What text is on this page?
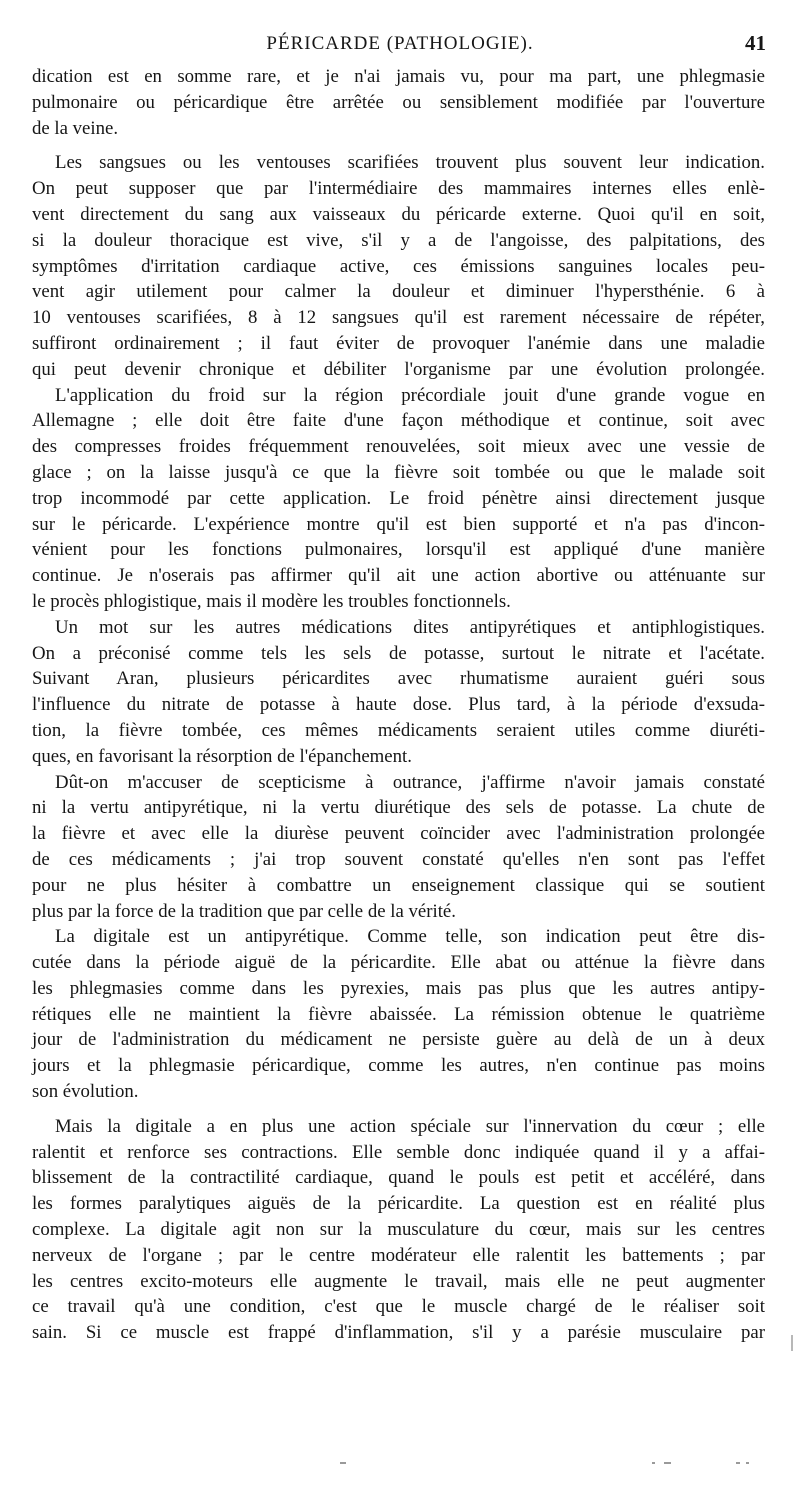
PÉRICARDE (PATHOLOGIE).	41

dication est en somme rare, et je n'ai jamais vu, pour ma part, une phlegmasie
pulmonaire ou péricardique être arrêtée ou sensiblement modifiée par l'ouverture
de la veine.

Les sangsues ou les ventouses scarifiées trouvent plus souvent leur indication.
On peut supposer que par l'intermédiaire des mammaires internes elles enlè-
vent directement du sang aux vaisseaux du péricarde externe. Quoi qu'il en soit,
si la douleur thoracique est vive, s'il y a de l'angoisse, des palpitations, des
symptômes d'irritation cardiaque active, ces émissions sanguines locales peu-
vent agir utilement pour calmer la douleur et diminuer l'hypersthénie. 6 à
10 ventouses scarifiées, 8 à 12 sangsues qu'il est rarement nécessaire de répéter,
suffiront ordinairement ; il faut éviter de provoquer l'anémie dans une maladie
qui peut devenir chronique et débiliter l'organisme par une évolution prolongée.

L'application du froid sur la région précordiale jouit d'une grande vogue en
Allemagne ; elle doit être faite d'une façon méthodique et continue, soit avec
des compresses froides fréquemment renouvelées, soit mieux avec une vessie de
glace ; on la laisse jusqu'à ce que la fièvre soit tombée ou que le malade soit
trop incommodé par cette application. Le froid pénètre ainsi directement jusque
sur le péricarde. L'expérience montre qu'il est bien supporté et n'a pas d'incon-
vénient pour les fonctions pulmonaires, lorsqu'il est appliqué d'une manière
continue. Je n'oserais pas affirmer qu'il ait une action abortive ou atténuante sur
le procès phlogistique, mais il modère les troubles fonctionnels.

Un mot sur les autres médications dites antipyrétiques et antiphlogistiques.
On a préconisé comme tels les sels de potasse, surtout le nitrate et l'acétate.
Suivant Aran, plusieurs péricardites avec rhumatisme auraient guéri sous
l'influence du nitrate de potasse à haute dose. Plus tard, à la période d'exsuda-
tion, la fièvre tombée, ces mêmes médicaments seraient utiles comme diuréti-
ques, en favorisant la résorption de l'épanchement.

Dût-on m'accuser de scepticisme à outrance, j'affirme n'avoir jamais constaté
ni la vertu antipyrétique, ni la vertu diurétique des sels de potasse. La chute de
la fièvre et avec elle la diurèse peuvent coïncider avec l'administration prolongée
de ces médicaments ; j'ai trop souvent constaté qu'elles n'en sont pas l'effet
pour ne plus hésiter à combattre un enseignement classique qui se soutient
plus par la force de la tradition que par celle de la vérité.

La digitale est un antipyrétique. Comme telle, son indication peut être dis-
cutée dans la période aiguë de la péricardite. Elle abat ou atténue la fièvre dans
les phlegmasies comme dans les pyrexies, mais pas plus que les autres antipy-
rétiques elle ne maintient la fièvre abaissée. La rémission obtenue le quatrième
jour de l'administration du médicament ne persiste guère au delà de un à deux
jours et la phlegmasie péricardique, comme les autres, n'en continue pas moins
son évolution.

Mais la digitale a en plus une action spéciale sur l'innervation du cœur ; elle
ralentit et renforce ses contractions. Elle semble donc indiquée quand il y a affai-
blissement de la contractilité cardiaque, quand le pouls est petit et accéléré, dans
les formes paralytiques aiguës de la péricardite. La question est en réalité plus
complexe. La digitale agit non sur la musculature du cœur, mais sur les centres
nerveux de l'organe ; par le centre modérateur elle ralentit les battements ; par
les centres excito-moteurs elle augmente le travail, mais elle ne peut augmenter
ce travail qu'à une condition, c'est que le muscle chargé de le réaliser soit
sain. Si ce muscle est frappé d'inflammation, s'il y a parésie musculaire par
